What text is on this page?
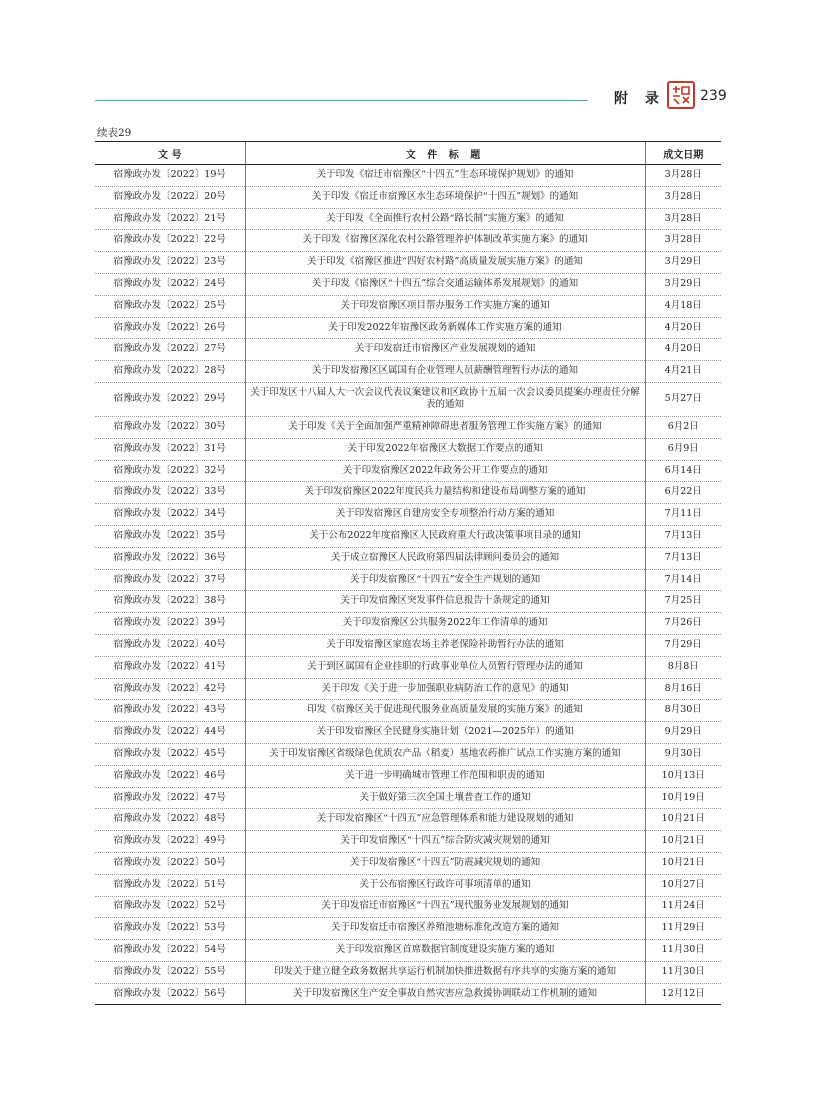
附 录	239
续表29
文 号	文 件 标 题	成文日期
宿豫政办发〔2022〕19号	关于印发《宿迁市宿豫区“十四五”生态环境保护规划》的通知	3月28日
宿豫政办发〔2022〕20号	关于印发《宿迁市宿豫区水生态环境保护“十四五”规划》的通知	3月28日
宿豫政办发〔2022〕21号	关于印发《全面推行农村公路“路长制”实施方案》的通知	3月28日
宿豫政办发〔2022〕22号	关于印发《宿豫区深化农村公路管理养护体制改革实施方案》的通知	3月28日
宿豫政办发〔2022〕23号	关于印发《宿豫区推进“四好农村路”高质量发展实施方案》的通知	3月29日
宿豫政办发〔2022〕24号	关于印发《宿豫区“十四五”综合交通运输体系发展规划》的通知	3月29日
宿豫政办发〔2022〕25号	关于印发宿豫区项目帮办服务工作实施方案的通知	4月18日
宿豫政办发〔2022〕26号	关于印发2022年宿豫区政务新媒体工作实施方案的通知	4月20日
宿豫政办发〔2022〕27号	关于印发宿迁市宿豫区产业发展规划的通知	4月20日
宿豫政办发〔2022〕28号	关于印发宿豫区区属国有企业管理人员薪酬管理暂行办法的通知	4月21日
宿豫政办发〔2022〕29号	关于印发区十八届人大一次会议代表议案建议和区政协十五届一次会议委员提案办理责任分解表的通知	5月27日
宿豫政办发〔2022〕30号	关于印发《关于全面加强严重精神障碍患者服务管理工作实施方案》的通知	6月2日
宿豫政办发〔2022〕31号	关于印发2022年宿豫区大数据工作要点的通知	6月9日
宿豫政办发〔2022〕32号	关于印发宿豫区2022年政务公开工作要点的通知	6月14日
宿豫政办发〔2022〕33号	关于印发宿豫区2022年度民兵力量结构和建设布局调整方案的通知	6月22日
宿豫政办发〔2022〕34号	关于印发宿豫区自建房安全专项整治行动方案的通知	7月11日
宿豫政办发〔2022〕35号	关于公布2022年度宿豫区人民政府重大行政决策事项目录的通知	7月13日
宿豫政办发〔2022〕36号	关于成立宿豫区人民政府第四届法律顾问委员会的通知	7月13日
宿豫政办发〔2022〕37号	关于印发宿豫区“十四五”安全生产规划的通知	7月14日
宿豫政办发〔2022〕38号	关于印发宿豫区突发事件信息报告十条规定的通知	7月25日
宿豫政办发〔2022〕39号	关于印发宿豫区公共服务2022年工作清单的通知	7月26日
宿豫政办发〔2022〕40号	关于印发宿豫区家庭农场主养老保险补助暂行办法的通知	7月29日
宿豫政办发〔2022〕41号	关于到区属国有企业挂职的行政事业单位人员暂行管理办法的通知	8月8日
宿豫政办发〔2022〕42号	关于印发《关于进一步加强职业病防治工作的意见》的通知	8月16日
宿豫政办发〔2022〕43号	印发《宿豫区关于促进现代服务业高质量发展的实施方案》的通知	8月30日
宿豫政办发〔2022〕44号	关于印发宿豫区全民健身实施计划（2021—2025年）的通知	9月29日
宿豫政办发〔2022〕45号	关于印发宿豫区省级绿色优质农产品（稻麦）基地农药推广试点工作实施方案的通知	9月30日
宿豫政办发〔2022〕46号	关于进一步明确城市管理工作范围和职责的通知	10月13日
宿豫政办发〔2022〕47号	关于做好第三次全国土壤普查工作的通知	10月19日
宿豫政办发〔2022〕48号	关于印发宿豫区“十四五”应急管理体系和能力建设规划的通知	10月21日
宿豫政办发〔2022〕49号	关于印发宿豫区“十四五”综合防灾减灾规划的通知	10月21日
宿豫政办发〔2022〕50号	关于印发宿豫区“十四五”防震减灾规划的通知	10月21日
宿豫政办发〔2022〕51号	关于公布宿豫区行政许可事项清单的通知	10月27日
宿豫政办发〔2022〕52号	关于印发宿迁市宿豫区“十四五”现代服务业发展规划的通知	11月24日
宿豫政办发〔2022〕53号	关于印发宿迁市宿豫区养殖池塘标准化改造方案的通知	11月29日
宿豫政办发〔2022〕54号	关于印发宿豫区首席数据官制度建设实施方案的通知	11月30日
宿豫政办发〔2022〕55号	印发关于建立健全政务数据共享运行机制加快推进数据有序共享的实施方案的通知	11月30日
宿豫政办发〔2022〕56号	关于印发宿豫区生产安全事故自然灾害应急救援协调联动工作机制的通知	12月12日
